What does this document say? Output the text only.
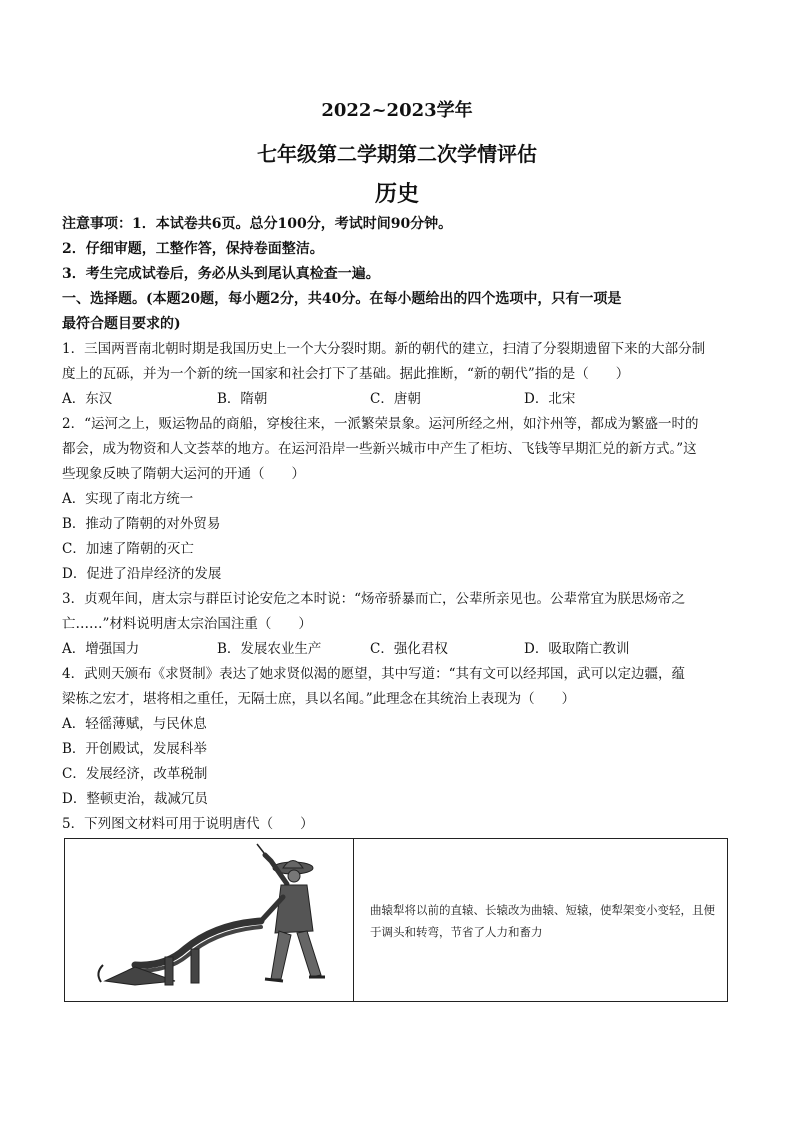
2022~2023学年
七年级第二学期第二次学情评估
历史
注意事项：1．本试卷共6页。总分100分，考试时间90分钟。
2．仔细审题，工整作答，保持卷面整洁。
3．考生完成试卷后，务必从头到尾认真检查一遍。
一、选择题。(本题20题，每小题2分，共40分。在每小题给出的四个选项中，只有一项是
最符合题目要求的)
1．三国两晋南北朝时期是我国历史上一个大分裂时期。新的朝代的建立，扫清了分裂期遗留下来的大部分制
度上的瓦砾，并为一个新的统一国家和社会打下了基础。据此推断，“新的朝代”指的是（　　）
A．东汉	B．隋朝	C．唐朝	D．北宋
2．“运河之上，贩运物品的商船，穿梭往来，一派繁荣景象。运河所经之州，如汴州等，都成为繁盛一时的
都会，成为物资和人文荟萃的地方。在运河沿岸一些新兴城市中产生了柜坊、飞钱等早期汇兑的新方式。”这
些现象反映了隋朝大运河的开通（　　）
A．实现了南北方统一
B．推动了隋朝的对外贸易
C．加速了隋朝的灭亡
D．促进了沿岸经济的发展
3．贞观年间，唐太宗与群臣讨论安危之本时说：“炀帝骄暴而亡，公辈所亲见也。公辈常宜为朕思炀帝之
亡……”材料说明唐太宗治国注重（　　）
A．增强国力	B．发展农业生产	C．强化君权	D．吸取隋亡教训
4．武则天颁布《求贤制》表达了她求贤似渴的愿望，其中写道：“其有文可以经邦国，武可以定边疆，蕴
梁栋之宏才，堪将相之重任，无隔士庶，具以名闻。”此理念在其统治上表现为（　　）
A．轻徭薄赋，与民休息
B．开创殿试，发展科举
C．发展经济，改革税制
D．整顿吏治，裁减冗员
5．下列图文材料可用于说明唐代（　　）
曲辕犁将以前的直辕、长辕改为曲辕、短辕，使犁架变小变轻，且便于调头和转弯，节省了人力和畜力
